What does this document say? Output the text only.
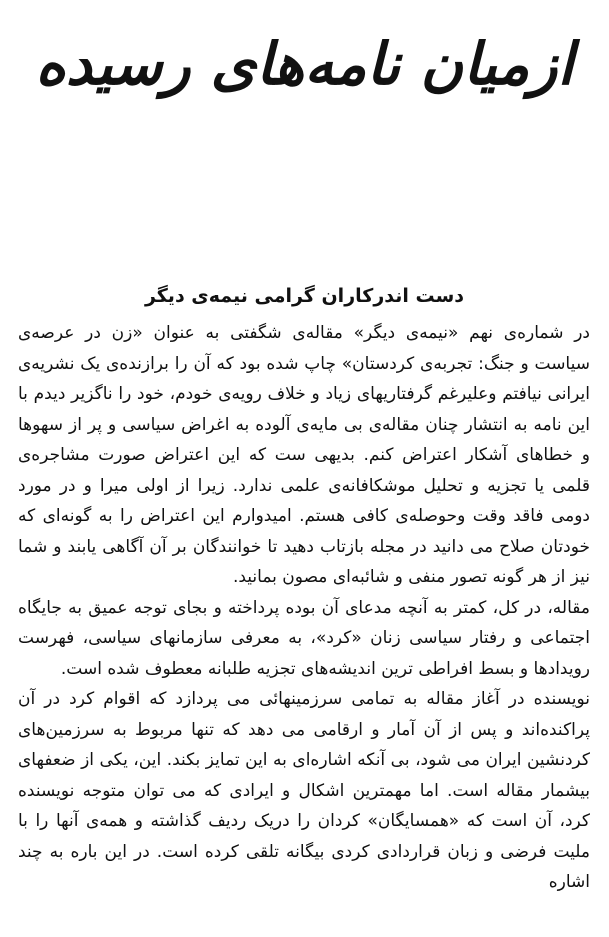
ازمیان نامه‌های رسیده
دست اندرکاران گرامی نیمه‌ی دیگر

در شماره‌ی نهم «نیمه‌ی دیگر» مقاله‌ی شگفتی به عنوان «زن در عرصه‌ی سیاست و جنگ: تجربه‌ی کردستان» چاپ شده بود که آن را برازنده‌ی یک نشریه‌ی ایرانی نیافتم وعلیرغم گرفتاریهای زیاد و خلاف رویه‌ی خودم، خود را ناگزیر دیدم با این نامه به انتشار چنان مقاله‌ی بی مایه‌ی آلوده به اغراض سیاسی و پر از سهوها و خطاهای آشکار اعتراض کنم. بدیهی ست که این اعتراض صورت مشاجره‌ی قلمی یا تجزیه و تحلیل موشکافانه‌ی علمی ندارد. زیرا از اولی میرا و در مورد دومی فاقد وقت وحوصله‌ی کافی هستم. امیدوارم این اعتراض را به گونه‌ای که خودتان صلاح می دانید در مجله بازتاب دهید تا خوانندگان بر آن آگاهی یابند و شما نیز از هر گونه تصور منفی و شائبه‌ای مصون بمانید.

مقاله، در کل، کمتر به آنچه مدعای آن بوده پرداخته و بجای توجه عمیق به جایگاه اجتماعی و رفتار سیاسی زنان «کرد»، به معرفی سازمانهای سیاسی، فهرست رویدادها و بسط افراطی ترین اندیشه‌های تجزیه طلبانه معطوف شده است.

نویسنده در آغاز مقاله به تمامی سرزمینهائی می پردازد که اقوام کرد در آن پراکنده‌اند و پس از آن آمار و ارقامی می دهد که تنها مربوط به سرزمین‌های کردنشین ایران می شود، بی آنکه اشاره‌ای به این تمایز بکند. این، یکی از ضعفهای بیشمار مقاله است. اما مهمترین اشکال و ایرادی که می توان متوجه نویسنده کرد، آن است که «همسایگان» کردان را دریک ردیف گذاشته و همه‌ی آنها را با ملیت فرضی و زبان قراردادی کردی بیگانه تلقی کرده است. در این باره به چند اشاره
